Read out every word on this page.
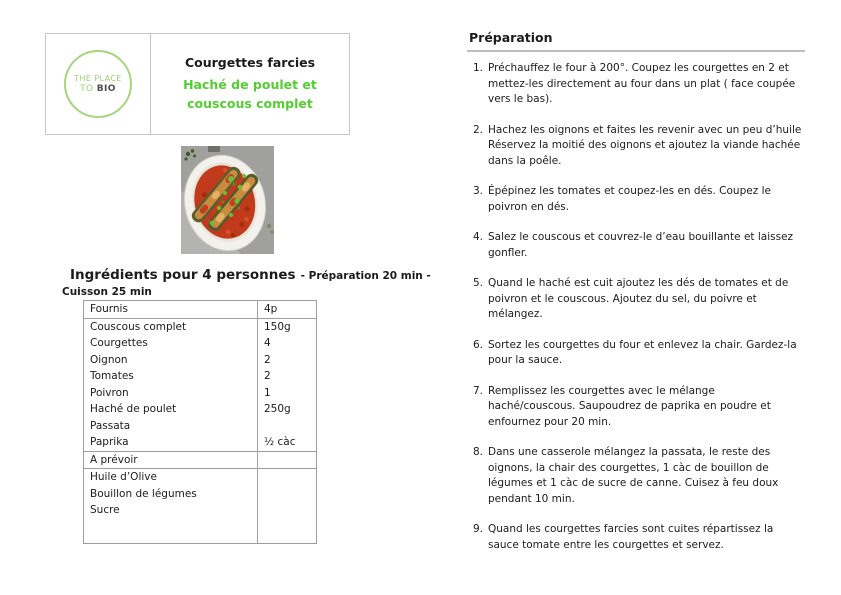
THE PLACE
TO BIO
Courgettes farcies
Haché de poulet et couscous complet
Ingrédients pour 4 personnes - Préparation 20 min -
Cuisson 25 min
Fournis	4p
Couscous complet	150g
Courgettes	4
Oignon	2
Tomates	2
Poivron	1
Haché de poulet	250g
Passata	
Paprika	½ càc
A prévoir	
Huile d’Olive	
Bouillon de légumes	
Sucre	

Préparation
1. Préchauffez le four à 200°. Coupez les courgettes en 2 et mettez-les directement au four dans un plat ( face coupée vers le bas).
2. Hachez les oignons et faites les revenir avec un peu d’huile Réservez la moitié des oignons et ajoutez la viande hachée dans la poêle.
3. Épépinez les tomates et coupez-les en dés. Coupez le poivron en dés.
4. Salez le couscous et couvrez-le d’eau bouillante et laissez gonfler.
5. Quand le haché est cuit ajoutez les dés de tomates et de poivron et le couscous. Ajoutez du sel, du poivre et mélangez.
6. Sortez les courgettes du four et enlevez la chair. Gardez-la pour la sauce.
7. Remplissez les courgettes avec le mélange haché/couscous. Saupoudrez de paprika en poudre et enfournez pour 20 min.
8. Dans une casserole mélangez la passata, le reste des oignons, la chair des courgettes, 1 càc de bouillon de légumes et 1 càc de sucre de canne. Cuisez à feu doux pendant 10 min.
9. Quand les courgettes farcies sont cuites répartissez la sauce tomate entre les courgettes et servez.
